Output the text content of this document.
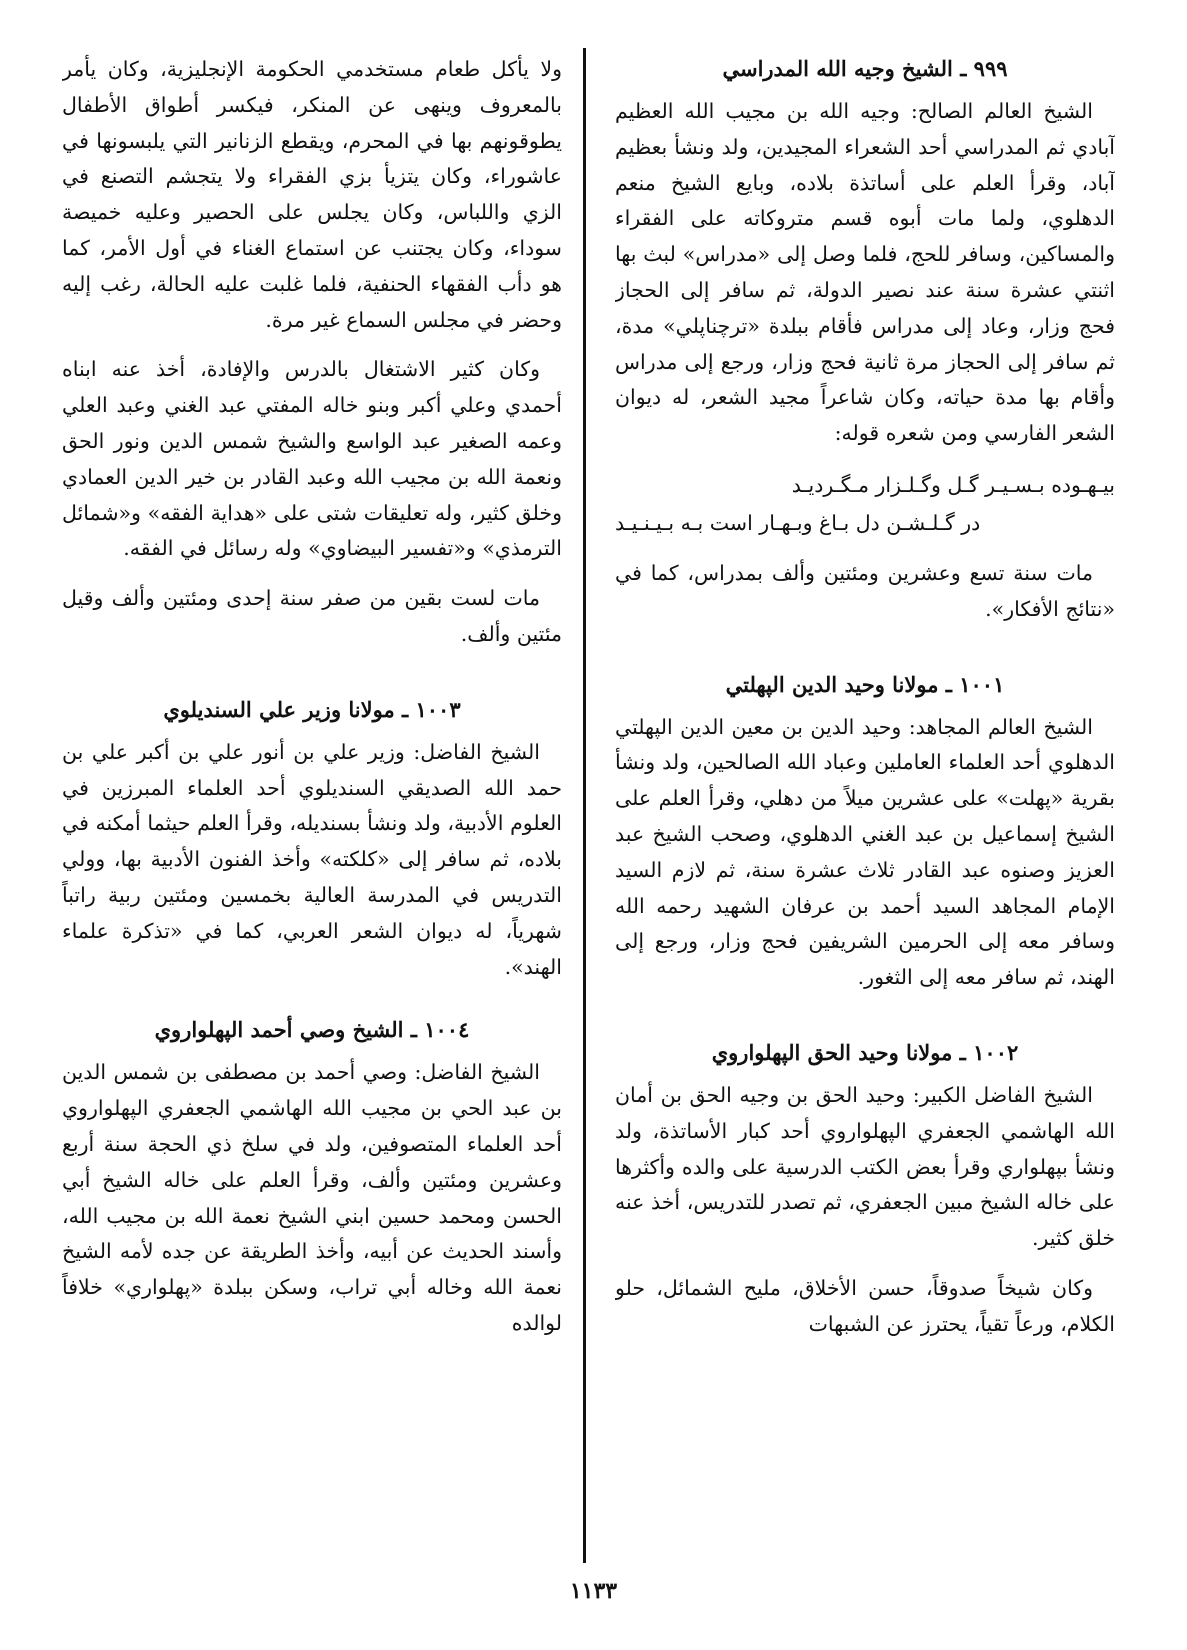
٩٩٩ ـ الشيخ وجيه الله المدراسي

الشيخ العالم الصالح: وجيه الله بن مجيب الله العظيم آبادي ثم المدراسي أحد الشعراء المجيدين، ولد ونشأ بعظيم آباد، وقرأ العلم على أساتذة بلاده، وبايع الشيخ منعم الدهلوي، ولما مات أبوه قسم متروكاته على الفقراء والمساكين، وسافر للحج، فلما وصل إلى «مدراس» لبث بها اثنتي عشرة سنة عند نصير الدولة، ثم سافر إلى الحجاز فحج وزار، وعاد إلى مدراس فأقام ببلدة «ترچناپلي» مدة، ثم سافر إلى الحجاز مرة ثانية فحج وزار، ورجع إلى مدراس وأقام بها مدة حياته، وكان شاعراً مجيد الشعر، له ديوان الشعر الفارسي ومن شعره قوله:

بيـهـوده بـسـيـر گـل وگـلـزار مـگـرديـد

در گـلـشـن دل بـاغ وبـهـار است بـه بـيـنـيـد

مات سنة تسع وعشرين ومئتين وألف بمدراس، كما في «نتائج الأفكار».

١٠٠١ ـ مولانا وحيد الدين الپهلتي

الشيخ العالم المجاهد: وحيد الدين بن معين الدين الپهلتي الدهلوي أحد العلماء العاملين وعباد الله الصالحين، ولد ونشأ بقرية «پهلت» على عشرين ميلاً من دهلي، وقرأ العلم على الشيخ إسماعيل بن عبد الغني الدهلوي، وصحب الشيخ عبد العزيز وصنوه عبد القادر ثلاث عشرة سنة، ثم لازم السيد الإمام المجاهد السيد أحمد بن عرفان الشهيد رحمه الله وسافر معه إلى الحرمين الشريفين فحج وزار، ورجع إلى الهند، ثم سافر معه إلى الثغور.

١٠٠٢ ـ مولانا وحيد الحق الپهلواروي

الشيخ الفاضل الكبير: وحيد الحق بن وجيه الحق بن أمان الله الهاشمي الجعفري الپهلواروي أحد كبار الأساتذة، ولد ونشأ بپهلواري وقرأ بعض الكتب الدرسية على والده وأكثرها على خاله الشيخ مبين الجعفري، ثم تصدر للتدريس، أخذ عنه خلق كثير.

وكان شيخاً صدوقاً، حسن الأخلاق، مليح الشمائل، حلو الكلام، ورعاً تقياً، يحترز عن الشبهات

ولا يأكل طعام مستخدمي الحكومة الإنجليزية، وكان يأمر بالمعروف وينهى عن المنكر، فيكسر أطواق الأطفال يطوقونهم بها في المحرم، ويقطع الزنانير التي يلبسونها في عاشوراء، وكان يتزيأ بزي الفقراء ولا يتجشم التصنع في الزي واللباس، وكان يجلس على الحصير وعليه خميصة سوداء، وكان يجتنب عن استماع الغناء في أول الأمر، كما هو دأب الفقهاء الحنفية، فلما غلبت عليه الحالة، رغب إليه وحضر في مجلس السماع غير مرة.

وكان كثير الاشتغال بالدرس والإفادة، أخذ عنه ابناه أحمدي وعلي أكبر وبنو خاله المفتي عبد الغني وعبد العلي وعمه الصغير عبد الواسع والشيخ شمس الدين ونور الحق ونعمة الله بن مجيب الله وعبد القادر بن خير الدين العمادي وخلق كثير، وله تعليقات شتى على «هداية الفقه» و«شمائل الترمذي» و«تفسير البيضاوي» وله رسائل في الفقه.

مات لست بقين من صفر سنة إحدى ومئتين وألف وقيل مئتين وألف.

١٠٠٣ ـ مولانا وزير علي السنديلوي

الشيخ الفاضل: وزير علي بن أنور علي بن أكبر علي بن حمد الله الصديقي السنديلوي أحد العلماء المبرزين في العلوم الأدبية، ولد ونشأ بسنديله، وقرأ العلم حيثما أمكنه في بلاده، ثم سافر إلى «كلكته» وأخذ الفنون الأدبية بها، وولي التدريس في المدرسة العالية بخمسين ومئتين ربية راتباً شهرياً، له ديوان الشعر العربي، كما في «تذكرة علماء الهند».

١٠٠٤ ـ الشيخ وصي أحمد الپهلواروي

الشيخ الفاضل: وصي أحمد بن مصطفى بن شمس الدين بن عبد الحي بن مجيب الله الهاشمي الجعفري الپهلواروي أحد العلماء المتصوفين، ولد في سلخ ذي الحجة سنة أربع وعشرين ومئتين وألف، وقرأ العلم على خاله الشيخ أبي الحسن ومحمد حسين ابني الشيخ نعمة الله بن مجيب الله، وأسند الحديث عن أبيه، وأخذ الطريقة عن جده لأمه الشيخ نعمة الله وخاله أبي تراب، وسكن ببلدة «پهلواري» خلافاً لوالده

١١٣٣
